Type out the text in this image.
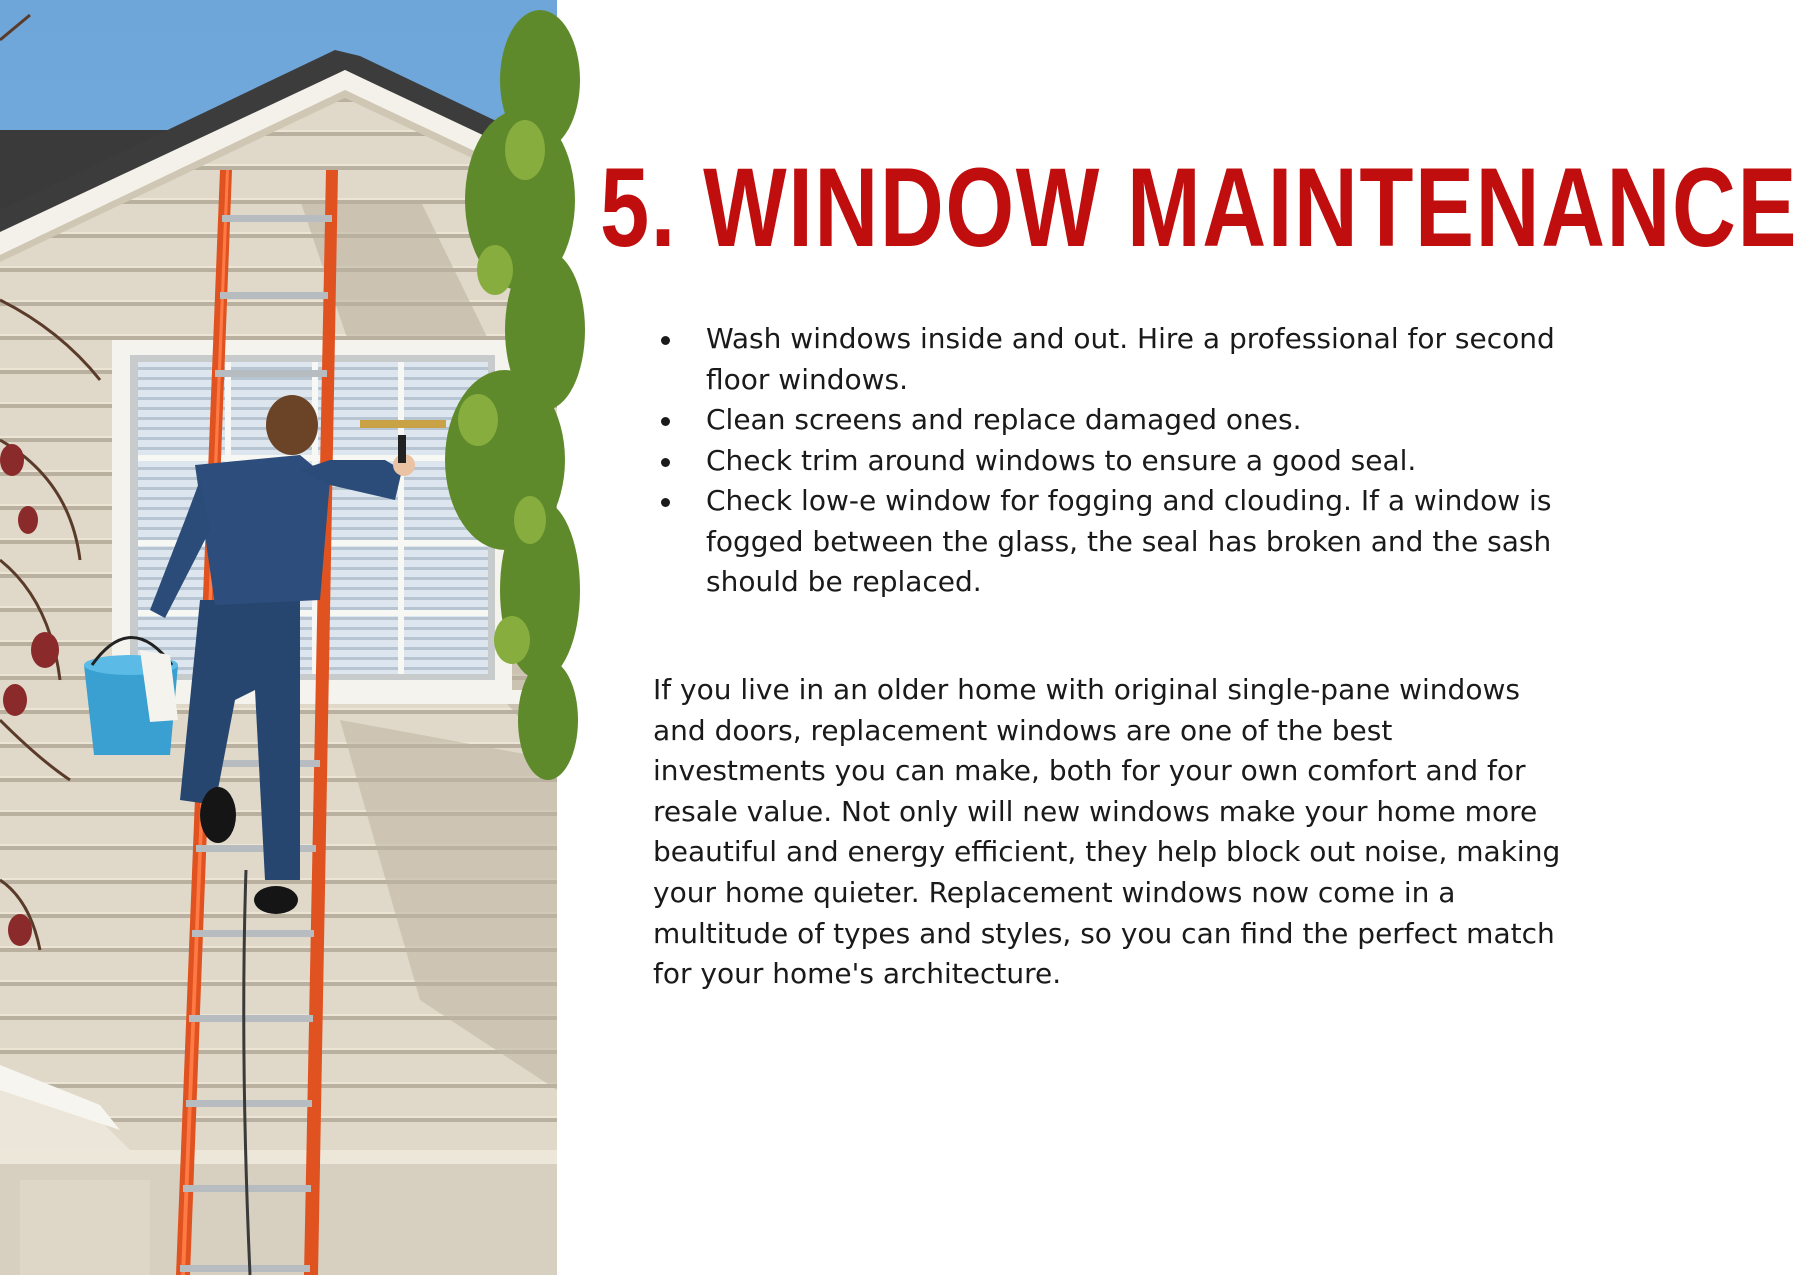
5. WINDOW MAINTENANCE
Wash windows inside and out. Hire a professional for second floor windows.
Clean screens and replace damaged ones.
Check trim around windows to ensure a good seal.
Check low-e window for fogging and clouding. If a window is fogged between the glass, the seal has broken and the sash should be replaced.

If you live in an older home with original single-pane windows and doors, replacement windows are one of the best investments you can make, both for your own comfort and for resale value. Not only will new windows make your home more beautiful and energy efficient, they help block out noise, making your home quieter. Replacement windows now come in a multitude of types and styles, so you can find the perfect match for your home's architecture.
